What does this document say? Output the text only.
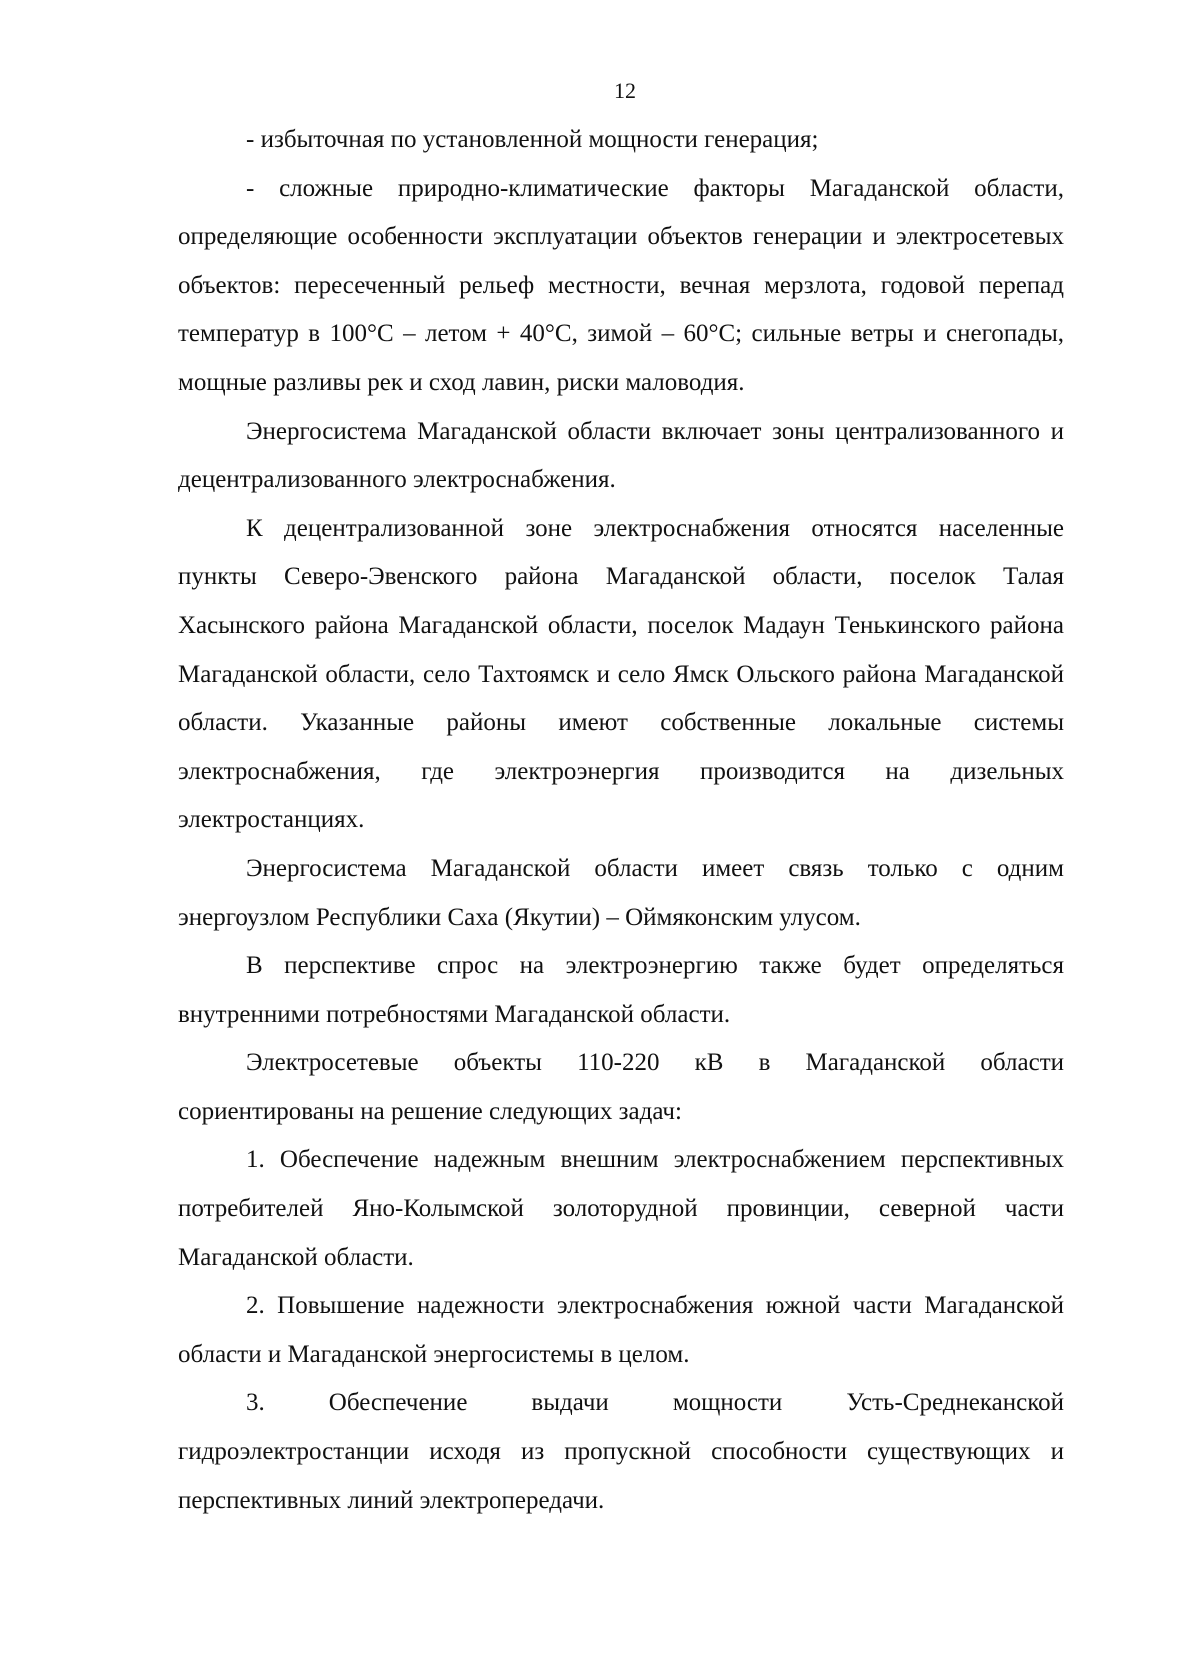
12

- избыточная по установленной мощности генерация;

- сложные природно-климатические факторы Магаданской области, определяющие особенности эксплуатации объектов генерации и электросетевых объектов: пересеченный рельеф местности, вечная мерзлота, годовой перепад температур в 100°С – летом + 40°С, зимой – 60°С; сильные ветры и снегопады, мощные разливы рек и сход лавин, риски маловодия.

Энергосистема Магаданской области включает зоны централизованного и децентрализованного электроснабжения.

К децентрализованной зоне электроснабжения относятся населенные пункты Северо-Эвенского района Магаданской области, поселок Талая Хасынского района Магаданской области, поселок Мадаун Тенькинского района Магаданской области, село Тахтоямск и село Ямск Ольского района Магаданской области. Указанные районы имеют собственные локальные системы электроснабжения, где электроэнергия производится на дизельных электростанциях.

Энергосистема Магаданской области имеет связь только с одним энергоузлом Республики Саха (Якутии) – Оймяконским улусом.

В перспективе спрос на электроэнергию также будет определяться внутренними потребностями Магаданской области.

Электросетевые объекты 110-220 кВ в Магаданской области сориентированы на решение следующих задач:

1. Обеспечение надежным внешним электроснабжением перспективных потребителей Яно-Колымской золоторудной провинции, северной части Магаданской области.

2. Повышение надежности электроснабжения южной части Магаданской области и Магаданской энергосистемы в целом.

3. Обеспечение выдачи мощности Усть-Среднеканской гидроэлектростанции исходя из пропускной способности существующих и перспективных линий электропередачи.
